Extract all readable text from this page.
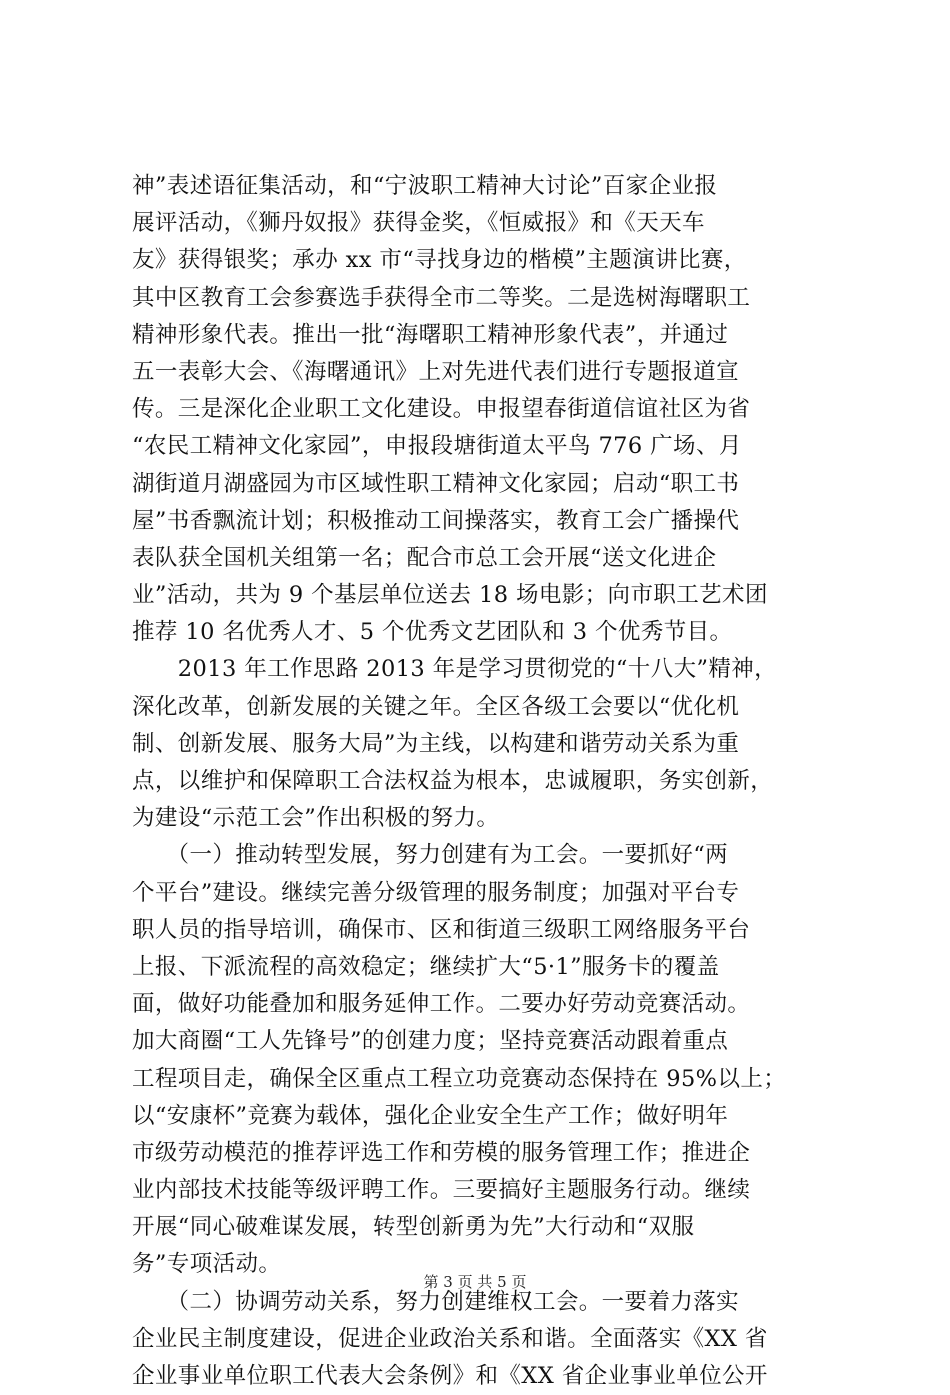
神”表述语征集活动，和“宁波职工精神大讨论”百家企业报
展评活动，《狮丹奴报》获得金奖，《恒威报》和《天天车
友》获得银奖；承办 xx 市“寻找身边的楷模”主题演讲比赛，
其中区教育工会参赛选手获得全市二等奖。二是选树海曙职工
精神形象代表。推出一批“海曙职工精神形象代表”，并通过
五一表彰大会、《海曙通讯》上对先进代表们进行专题报道宣
传。三是深化企业职工文化建设。申报望春街道信谊社区为省
“农民工精神文化家园”，申报段塘街道太平鸟 776 广场、月
湖街道月湖盛园为市区域性职工精神文化家园；启动“职工书
屋”书香飘流计划；积极推动工间操落实，教育工会广播操代
表队获全国机关组第一名；配合市总工会开展“送文化进企
业”活动，共为 9 个基层单位送去 18 场电影；向市职工艺术团
推荐 10 名优秀人才、5 个优秀文艺团队和 3 个优秀节目。
　　2013 年工作思路 2013 年是学习贯彻党的“十八大”精神，
深化改革，创新发展的关键之年。全区各级工会要以“优化机
制、创新发展、服务大局”为主线，以构建和谐劳动关系为重
点，以维护和保障职工合法权益为根本，忠诚履职，务实创新，
为建设“示范工会”作出积极的努力。
　　（一）推动转型发展，努力创建有为工会。一要抓好“两
个平台”建设。继续完善分级管理的服务制度；加强对平台专
职人员的指导培训，确保市、区和街道三级职工网络服务平台
上报、下派流程的高效稳定；继续扩大“5·1”服务卡的覆盖
面，做好功能叠加和服务延伸工作。二要办好劳动竞赛活动。
加大商圈“工人先锋号”的创建力度；坚持竞赛活动跟着重点
工程项目走，确保全区重点工程立功竞赛动态保持在 95%以上；
以“安康杯”竞赛为载体，强化企业安全生产工作；做好明年
市级劳动模范的推荐评选工作和劳模的服务管理工作；推进企
业内部技术技能等级评聘工作。三要搞好主题服务行动。继续
开展“同心破难谋发展，转型创新勇为先”大行动和“双服
务”专项活动。
　　（二）协调劳动关系，努力创建维权工会。一要着力落实
企业民主制度建设，促进企业政治关系和谐。全面落实《XX 省
企业事业单位职工代表大会条例》和《XX 省企业事业单位公开
第 3 页 共 5 页
